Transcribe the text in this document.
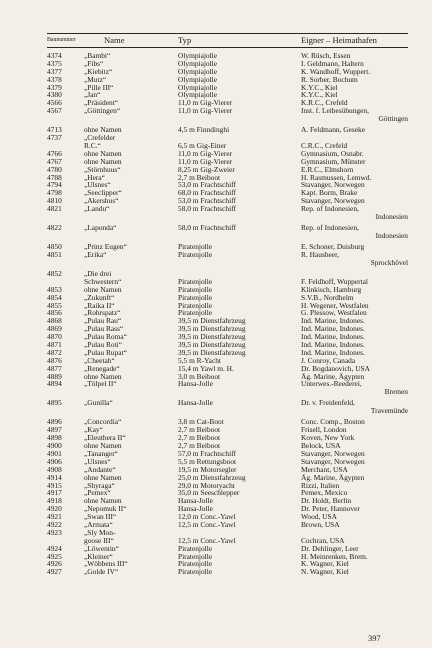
Baunummer	Name	Typ	Eigner – Heimathafen
4374	„Bambi“	Olympiajolle	W. Rüsch, Essen
4375	„Fibs“	Olympiajolle	I. Geldmann, Haltern
4377	„Kiebitz“	Olympiajolle	K. Wandhoff, Wuppert.
4378	„Mutz“	Olympiajolle	R. Sorber, Bochum
4379	„Pille III“	Olympiajolle	K.Y.C., Kiel
4380	„Jan“	Olympiajolle	K.Y.C., Kiel
4566	„Präsident“	11,0 m Gig-Vierer	K.R.C., Crefeld
4567	„Göttingen“	11,0 m Gig-Vierer	Inst. f. Leibesübungen,
Göttingen
4713	ohne Namen	4,5 m Finndinghi	A. Feldmann, Geseke
4737	„Crefelder
R.C.“	6,5 m Gig-Einer	C.R.C., Crefeld
4766	ohne Namen	11,0 m Gig-Vierer	Gymnasium, Osnabr.
4767	ohne Namen	11,0 m Gig-Vierer	Gymnasium, Münster
4780	„Störnhuus“	8,25 m Gig-Zweier	E.R.C., Elmshorn
4788	„Hera“	2,7 m Beiboot	H. Rasmussen, Lemwd.
4794	„Ulsnes“	53,0 m Frachtschiff	Stavanger, Norwegen
4798	„Seeclipper“	68,0 m Frachtschiff	Kapt. Borm, Brake
4810	„Akershus“	53,0 m Frachtschiff	Stavanger, Norwegen
4821	„Landu“	58,0 m Frachtschiff	Rep. of Indonesien,
Indonesien
4822	„Laponda“	58,0 m Frachtschiff	Rep. of Indonesien,
Indonesien
4850	„Prinz Eugen“	Piratenjolle	E. Schoner, Duisburg
4851	„Erika“	Piratenjolle	R. Hausheer,
Sprockhövel
4852	„Die drei
Schwestern“	Piratenjolle	F. Feldhoff, Wuppertal
4853	ohne Namen	Piratenjolle	Klinkisch, Hamburg
4854	„Zukunft“	Piratenjolle	S.V.B., Nordhelm
4855	„Raika II“	Piratenjolle	H. Wegener, Westfalen
4856	„Rohrspatz“	Piratenjolle	G. Plessow, Westfalen
4868	„Pulau Rau“	39,5 m Dienstfahrzeug	Ind. Marine, Indones.
4869	„Pulau Rass“	39,5 m Dienstfahrzeug	Ind. Marine, Indones.
4870	„Pulau Roma“	39,5 m Dienstfahrzeug	Ind. Marine, Indones.
4871	„Pulau Roti“	39,5 m Dienstfahrzeug	Ind. Marine, Indones.
4872	„Pulau Rupat“	39,5 m Dienstfahrzeug	Ind. Marine, Indones.
4876	„Cheetah“	5,5 m R-Yacht	J. Conroy, Canada
4877	„Renegade“	15,4 m Yawl m. H.	Dr. Bogdanovich, USA
4889	ohne Namen	3,0 m Beiboot	Äg. Marine, Ägypten
4894	„Tölpel II“	Hansa-Jolle	Unterwes.-Reederei,
Bremen
4895	„Gunilla“	Hansa-Jolle	Dr. v. Freidenfeld,
Travemünde
4896	„Concordia“	3,8 m Cat-Boot	Conc. Comp., Boston
4897	„Kay“	2,7 m Beiboot	Frisell, London
4898	„Eleuthera II“	2,7 m Beiboot	Koven, New York
4900	ohne Namen	2,7 m Beiboot	Belock, USA
4901	„Tananger“	57,0 m Frachtschiff	Stavanger, Norwegen
4906	„Ulsnes“	5,5 m Rettungsboot	Stavanger, Norwegen
4908	„Andante“	19,5 m Motorsegler	Merchant, USA
4914	ohne Namen	25,0 m Dienstfahrzeug	Äg. Marine, Ägypten
4915	„Shyraga“	29,0 m Motoryacht	Rizzi, Italien
4917	„Pemex“	35,0 m Seeschlepper	Pemex, Mexico
4918	ohne Namen	Hansa-Jolle	Dr. Holdt, Berlin
4920	„Nepomuk II“	Hansa-Jolle	Dr. Peter, Hannover
4921	„Swan III“	12,0 m Conc.-Yawl	Wood, USA
4922	„Armata“	12,5 m Conc.-Yawl	Brown, USA
4923	„Sly Mon-
goose III“	12,5 m Conc.-Yawl	Cochran, USA
4924	„Löwentin“	Piratenjolle	Dr. Dehlinger, Leer
4925	„Kleiner“	Piratenjolle	H. Meinrenken, Brem.
4926	„Wöbbens III“	Piratenjolle	K. Wagner, Kiel
4927	„Golde IV“	Piratenjolle	N. Wagner, Kiel
397
